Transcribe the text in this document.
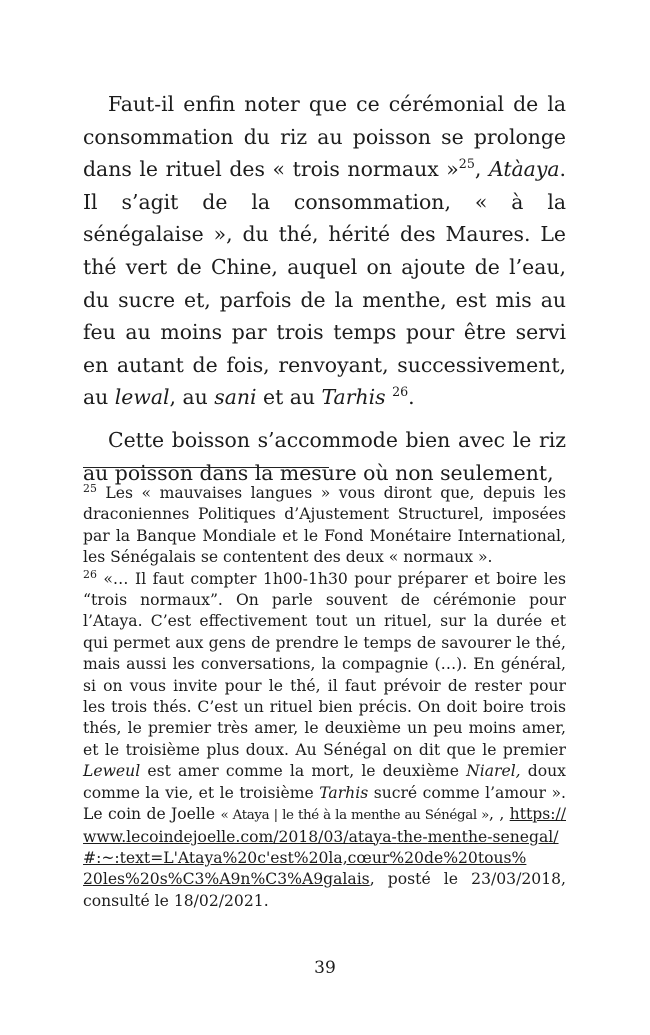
Faut-il enfin noter que ce cérémonial de la consommation du riz au poisson se prolonge dans le rituel des « trois normaux »$^{25}$, Atàaya. Il s’agit de la consommation, « à la sénégalaise », du thé, hérité des Maures. Le thé vert de Chine, auquel on ajoute de l’eau, du sucre et, parfois de la menthe, est mis au feu au moins par trois temps pour être servi en autant de fois, renvoyant, successivement, au lewal, au sani et au Tarhis $^{26}$.

Cette boisson s’accommode bien avec le riz au poisson dans la mesure où non seulement,

$^{25}$ Les « mauvaises langues » vous diront que, depuis les draconiennes Politiques d’Ajustement Structurel, imposées par la Banque Mondiale et le Fond Monétaire International, les Sénégalais se contentent des deux « normaux ».

$^{26}$ «… Il faut compter 1h00-1h30 pour préparer et boire les “trois normaux”. On parle souvent de cérémonie pour l’Ataya. C’est effectivement tout un rituel, sur la durée et qui permet aux gens de prendre le temps de savourer le thé, mais aussi les conversations, la compagnie (…). En général, si on vous invite pour le thé, il faut prévoir de rester pour les trois thés. C’est un rituel bien précis. On doit boire trois thés, le premier très amer, le deuxième un peu moins amer, et le troisième plus doux. Au Sénégal on dit que le premier Leweul est amer comme la mort, le deuxième Niarel, doux comme la vie, et le troisième Tarhis sucré comme l’amour ». Le coin de Joelle « Ataya | le thé à la menthe au Sénégal », , https://www.lecoindejoelle.com/2018/03/ataya-the-menthe-senegal/#:~:text=L'Ataya%20c'est%20la,cœur%20de%20tous%20les%20s%C3%A9n%C3%A9galais, posté le 23/03/2018, consulté le 18/02/2021.

39
